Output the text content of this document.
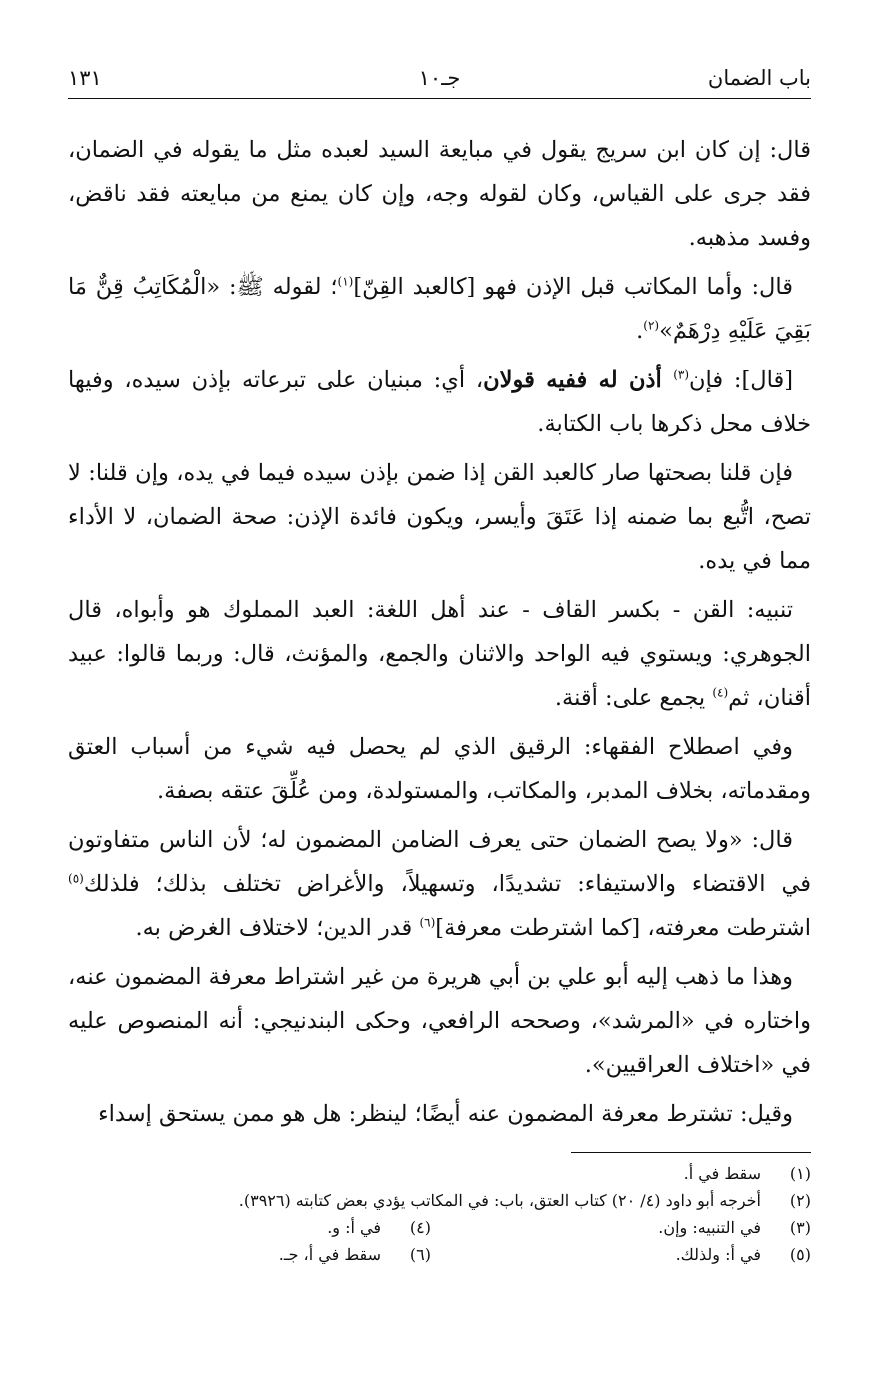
باب الضمان
جـ١٠
١٣١

قال: إن كان ابن سريج يقول في مبايعة السيد لعبده مثل ما يقوله في الضمان، فقد جرى على القياس، وكان لقوله وجه، وإن كان يمنع من مبايعته فقد ناقض، وفسد مذهبه.

قال: وأما المكاتب قبل الإذن فهو [كالعبد القِنّ]$^{(١)}$؛ لقوله ﷺ: «الْمُكَاتِبُ قِنٌّ مَا بَقِيَ عَلَيْهِ دِرْهَمٌ»$^{(٢)}$.

[قال]: فإن$^{(٣)}$ أذن له ففيه قولان، أي: مبنيان على تبرعاته بإذن سيده، وفيها خلاف محل ذكرها باب الكتابة.

فإن قلنا بصحتها صار كالعبد القن إذا ضمن بإذن سيده فيما في يده، وإن قلنا: لا تصح، اتُّبع بما ضمنه إذا عَتَقَ وأيسر، ويكون فائدة الإذن: صحة الضمان، لا الأداء مما في يده.

تنبيه: القن - بكسر القاف - عند أهل اللغة: العبد المملوك هو وأبواه، قال الجوهري: ويستوي فيه الواحد والاثنان والجمع، والمؤنث، قال: وربما قالوا: عبيد أقنان، ثم$^{(٤)}$ يجمع على: أقنة.

وفي اصطلاح الفقهاء: الرقيق الذي لم يحصل فيه شيء من أسباب العتق ومقدماته، بخلاف المدبر، والمكاتب، والمستولدة، ومن عُلِّقَ عتقه بصفة.

قال: «ولا يصح الضمان حتى يعرف الضامن المضمون له؛ لأن الناس متفاوتون في الاقتضاء والاستيفاء: تشديدًا، وتسهيلاً، والأغراض تختلف بذلك؛ فلذلك$^{(٥)}$ اشترطت معرفته، [كما اشترطت معرفة]$^{(٦)}$ قدر الدين؛ لاختلاف الغرض به.

وهذا ما ذهب إليه أبو علي بن أبي هريرة من غير اشتراط معرفة المضمون عنه، واختاره في «المرشد»، وصححه الرافعي، وحكى البندنيجي: أنه المنصوص عليه في «اختلاف العراقيين».

وقيل: تشترط معرفة المضمون عنه أيضًا؛ لينظر: هل هو ممن يستحق إسداء

(١)
سقط في أ.
(٢)
أخرجه أبو داود (٤/ ٢٠) كتاب العتق، باب: في المكاتب يؤدي بعض كتابته (٣٩٢٦).
(٣)
في التنبيه: وإن.
(٤)
في أ: و.
(٥)
في أ: ولذلك.
(٦)
سقط في أ، جـ.
